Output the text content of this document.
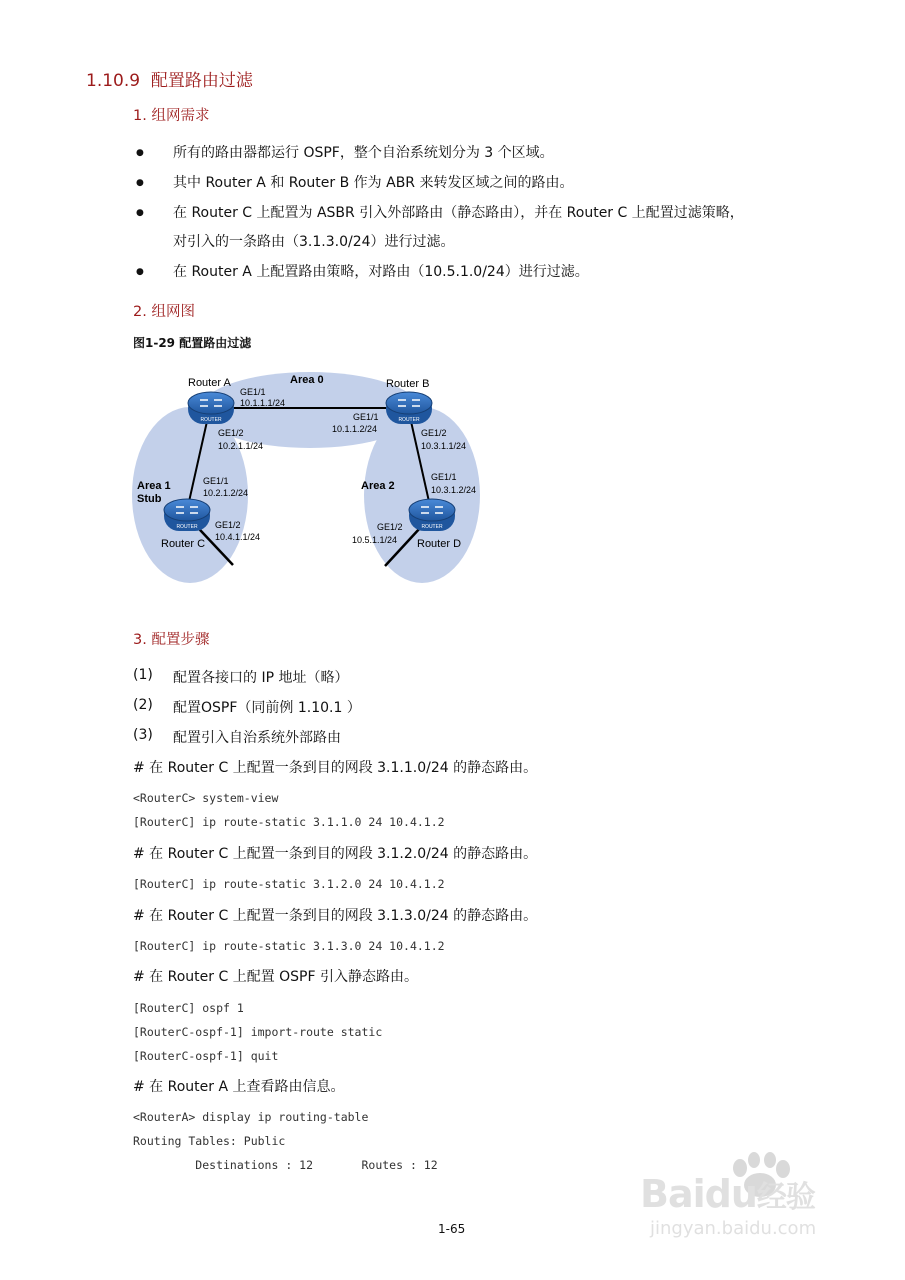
1.10.9 配置路由过滤
1. 组网需求
● 所有的路由器都运行 OSPF，整个自治系统划分为 3 个区域。
● 其中 Router A 和 Router B 作为 ABR 来转发区域之间的路由。
● 在 Router C 上配置为 ASBR 引入外部路由（静态路由），并在 Router C 上配置过滤策略，
对引入的一条路由（3.1.3.0/24）进行过滤。
● 在 Router A 上配置路由策略，对路由（10.5.1.0/24）进行过滤。
2. 组网图
图1-29 配置路由过滤
ROUTER	ROUTER
ROUTER	ROUTER
Area 0
Area 1
Stub
Area 2
Router A	Router B
Router C	Router D
GE1/1
10.1.1.1/24
GE1/1
10.1.1.2/24
GE1/2
10.2.1.1/24
GE1/2
10.3.1.1/24
GE1/1
10.2.1.2/24
GE1/1
10.3.1.2/24
GE1/2
10.4.1.1/24
GE1/2
10.5.1.1/24
3. 配置步骤
(1) 配置各接口的 IP 地址（略）
(2) 配置OSPF（同前例 1.10.1 ）
(3) 配置引入自治系统外部路由
# 在 Router C 上配置一条到目的网段 3.1.1.0/24 的静态路由。
<RouterC> system-view
[RouterC] ip route-static 3.1.1.0 24 10.4.1.2
# 在 Router C 上配置一条到目的网段 3.1.2.0/24 的静态路由。
[RouterC] ip route-static 3.1.2.0 24 10.4.1.2
# 在 Router C 上配置一条到目的网段 3.1.3.0/24 的静态路由。
[RouterC] ip route-static 3.1.3.0 24 10.4.1.2
# 在 Router C 上配置 OSPF 引入静态路由。
[RouterC] ospf 1
[RouterC-ospf-1] import-route static
[RouterC-ospf-1] quit
# 在 Router A 上查看路由信息。
<RouterA> display ip routing-table
Routing Tables: Public
Destinations : 12       Routes : 12
1-65
Baidu经验
jingyan.baidu.com
